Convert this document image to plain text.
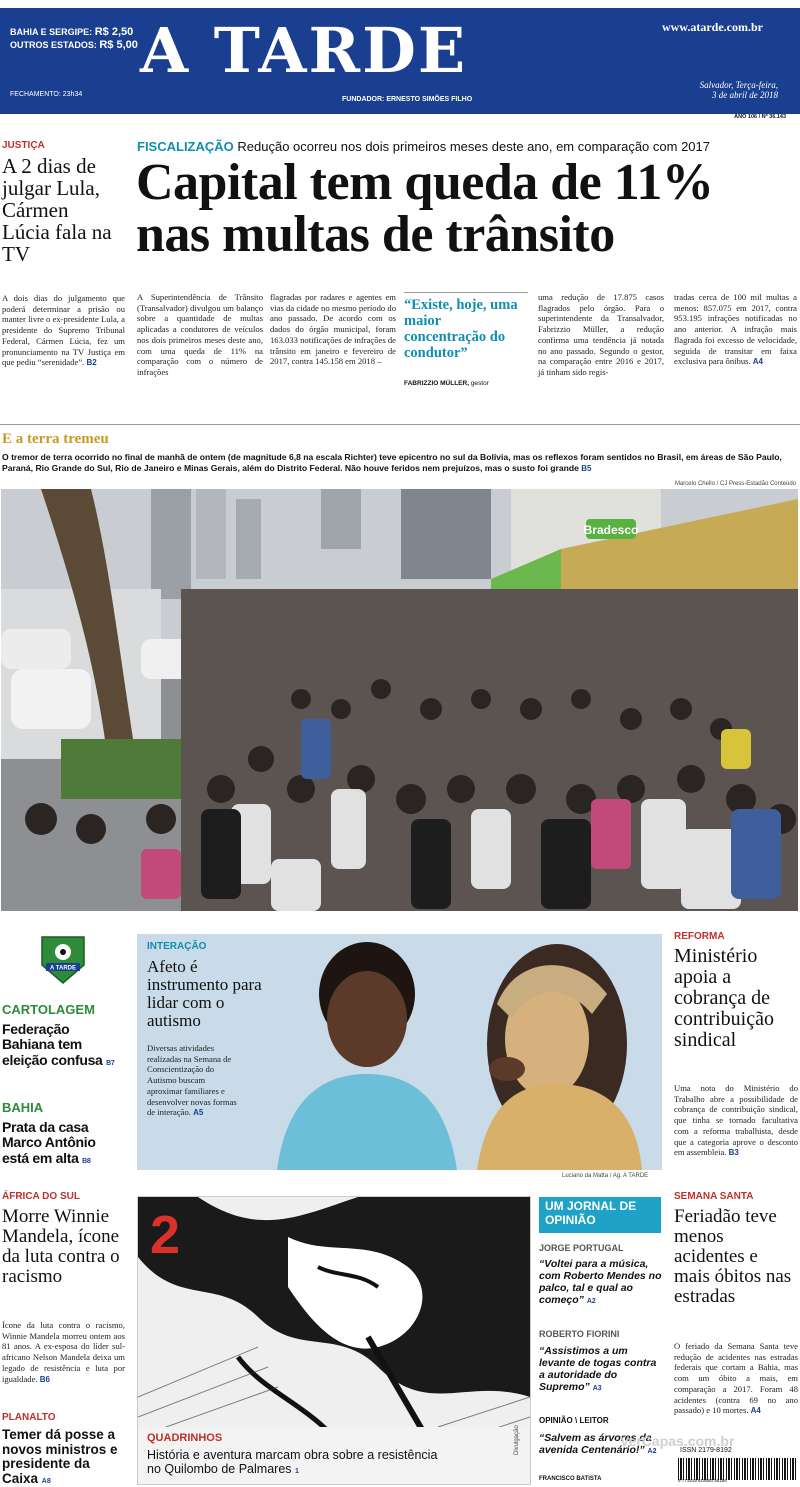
BAHIA E SERGIPE: R$ 2,50
OUTROS ESTADOS: R$ 5,00
FECHAMENTO: 23h34
A TARDE
FUNDADOR: ERNESTO SIMÕES FILHO
www.atarde.com.br
Salvador, Terça-feira,
3 de abril de 2018
ANO 106 / Nº 36.143
JUSTIÇA
A 2 dias de julgar Lula, Cármen Lúcia fala na TV
A dois dias do julgamento que poderá determinar a prisão ou manter livre o ex-presidente Lula, a presidente do Supremo Tribunal Federal, Cármen Lúcia, fez um pronunciamento na TV Justiça em que pediu “serenidade”. B2
FISCALIZAÇÃO Redução ocorreu nos dois primeiros meses deste ano, em comparação com 2017
Capital tem queda de 11%
nas multas de trânsito
A Superintendência de Trânsito (Transalvador) divulgou um balanço sobre a quantidade de multas aplicadas a condutores de veículos nos dois primeiros meses deste ano, com uma queda de 11% na comparação com o número de infrações
flagradas por radares e agentes em vias da cidade no mesmo período do ano passado. De acordo com os dados do órgão municipal, foram 163.033 notificações de infrações de trânsito em janeiro e fevereiro de 2017, contra 145.158 em 2018 –
“Existe, hoje, uma maior concentração do condutor”
FABRIZZIO MÜLLER, gestor
uma redução de 17.875 casos flagrados pelo órgão. Para o superintendente da Transalvador, Fabrizzio Müller, a redução confirma uma tendência já notada no ano passado. Segundo o gestor, na comparação entre 2016 e 2017, já tinham sido regis-
tradas cerca de 100 mil multas a menos: 857.075 em 2017, contra 953.195 infrações notificadas no ano anterior. A infração mais flagrada foi excesso de velocidade, seguida de transitar em faixa exclusiva para ônibus. A4
E a terra tremeu
O tremor de terra ocorrido no final de manhã de ontem (de magnitude 6,8 na escala Richter) teve epicentro no sul da Bolívia, mas os reflexos foram sentidos no Brasil, em áreas de São Paulo, Paraná, Rio Grande do Sul, Rio de Janeiro e Minas Gerais, além do Distrito Federal. Não houve feridos nem prejuízos, mas o susto foi grande B5
Marcelo Chello / CJ Press-Estadão Conteúdo
Bradesco
A TARDE
CARTOLAGEM
Federação Bahiana tem eleição confusa B7
BAHIA
Prata da casa Marco Antônio está em alta B8
INTERAÇÃO
Afeto é instrumento para lidar com o autismo
Diversas atividades realizadas na Semana de Conscientização do Autismo buscam aproximar familiares e desenvolver novas formas de interação. A5
Luciano da Matta / Ag. A TARDE
REFORMA
Ministério apoia a cobrança de contribuição sindical
Uma nota do Ministério do Trabalho abre a possibilidade de cobrança de contribuição sindical, que tinha se tornado facultativa com a reforma trabalhista, desde que a categoria aprove o desconto em assembleia. B3
ÁFRICA DO SUL
Morre Winnie Mandela, ícone da luta contra o racismo
Ícone da luta contra o racismo, Winnie Mandela morreu ontem aos 81 anos. A ex-esposa do líder sul-africano Nelson Mandela deixa um legado de resistência e luta por igualdade. B6
PLANALTO
Temer dá posse a novos ministros e presidente da Caixa A8
2
QUADRINHOS
História e aventura marcam obra sobre a resistência no Quilombo de Palmares 1
Divulgação
UM JORNAL DE OPINIÃO
JORGE PORTUGAL
“Voltei para a música, com Roberto Mendes no palco, tal e qual ao começo” A2
ROBERTO FIORINI
“Assistimos a um levante de togas contra a autoridade do Supremo” A3
OPINIÃO \ LEITOR
“Salvem as árvores da avenida Centenário!” A2
FRANCISCO BATISTA
SEMANA SANTA
Feriadão teve menos acidentes e mais óbitos nas estradas
O feriado da Semana Santa teve redução de acidentes nas estradas federais que cortam a Bahia, mas com um óbito a mais, em comparação a 2017. Foram 48 acidentes (contra 69 no ano passado) e 10 mortes. A4
ISSN 2179-8192
9 771519 819550 58186
VerCapas.com.br
